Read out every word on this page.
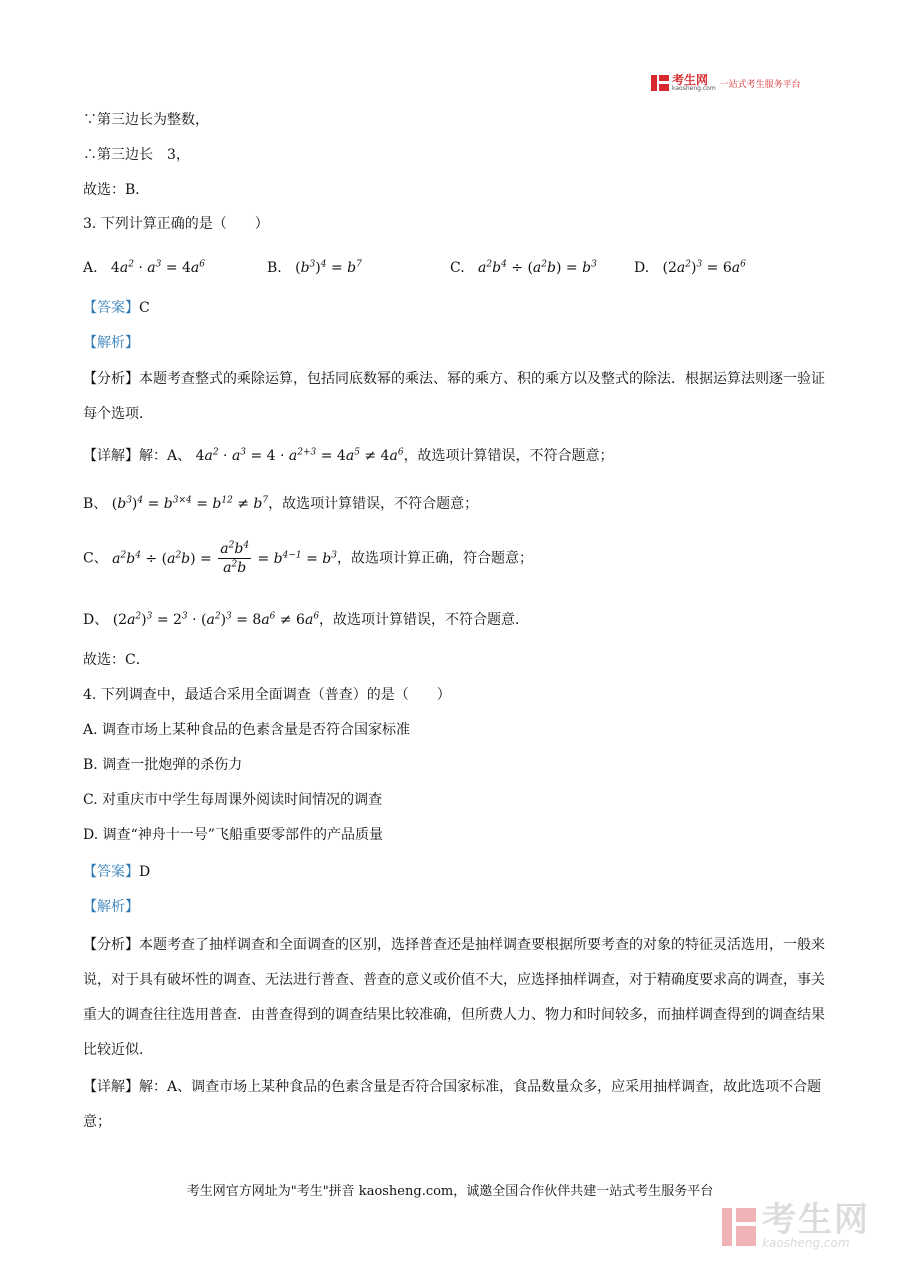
考生网
kaosheng.com 一站式考生服务平台
∵第三边长为整数，
∴第三边长　3，
故选：B．
3. 下列计算正确的是（　　）
A. $4a^2 \cdot a^3 = 4a^6$	B. $(b^3)^4 = b^7$	C.   $a^2b^4 \div (a^2b) = b^3$	D. $(2a^2)^3 = 6a^6$
【答案】C
【解析】
【分析】本题考查整式的乘除运算，包括同底数幂的乘法、幂的乘方、积的乘方以及整式的除法．根据运算法则逐一验证每个选项．
【详解】解：A、 $4a^2 \cdot a^3 = 4 \cdot a^{2+3} = 4a^5 \ne 4a^6$，故选项计算错误，不符合题意；
B、 $(b^3)^4 = b^{3\times 4} = b^{12} \ne b^7$，故选项计算错误，不符合题意；
C、 $a^2b^4 \div (a^2b) = \frac{a^2b^4}{a^2b} = b^{4-1} = b^3$，故选项计算正确，符合题意；
D、 $(2a^2)^3 = 2^3 \cdot (a^2)^3 = 8a^6 \ne 6a^6$，故选项计算错误，不符合题意．
故选：C．
4. 下列调查中，最适合采用全面调查（普查）的是（　　）
A. 调查市场上某种食品的色素含量是否符合国家标准
B. 调查一批炮弹的杀伤力
C. 对重庆市中学生每周课外阅读时间情况的调查
D. 调查“神舟十一号”飞船重要零部件的产品质量
【答案】D
【解析】
【分析】本题考查了抽样调查和全面调查的区别，选择普查还是抽样调查要根据所要考查的对象的特征灵活选用，一般来说，对于具有破坏性的调查、无法进行普查、普查的意义或价值不大，应选择抽样调查，对于精确度要求高的调查，事关重大的调查往往选用普查．由普查得到的调查结果比较准确，但所费人力、物力和时间较多，而抽样调查得到的调查结果比较近似．
【详解】解：A、调查市场上某种食品的色素含量是否符合国家标准，食品数量众多，应采用抽样调查，故此选项不合题意；
考生网官方网址为"考生"拼音 kaosheng.com，诚邀全国合作伙伴共建一站式考生服务平台
考生网
kaosheng.com
